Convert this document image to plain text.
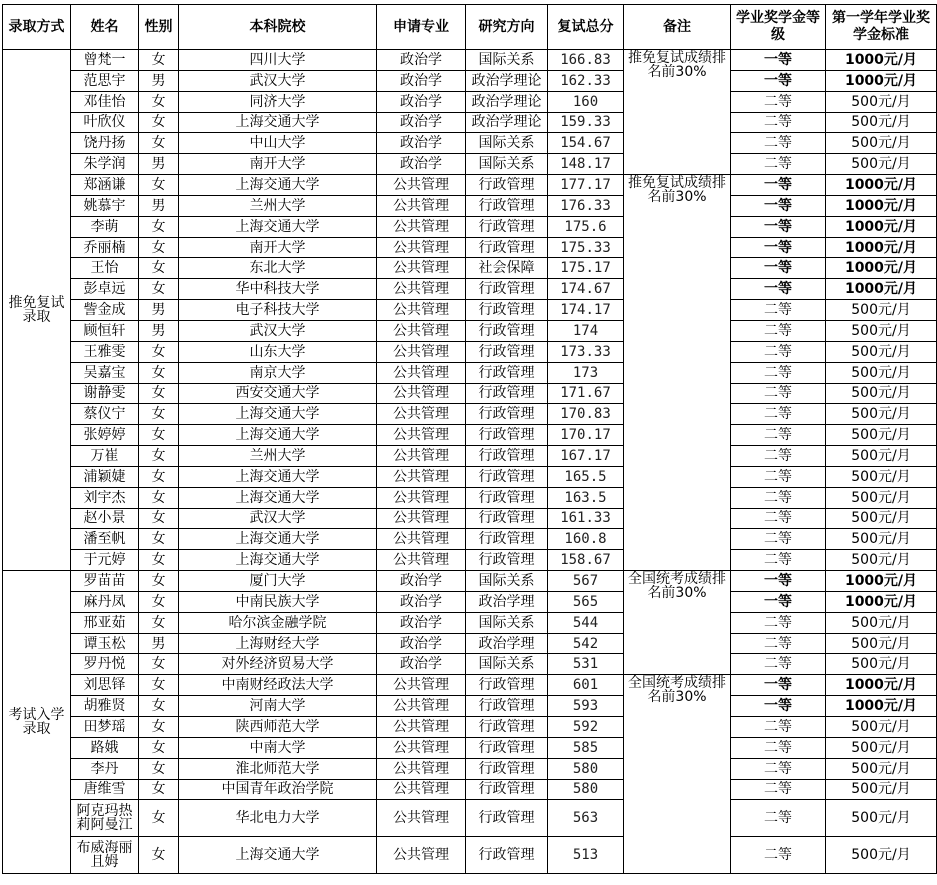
录取方式	姓名	性别	本科院校	申请专业	研究方向	复试总分	备注	学业奖学金等级	第一学年学业奖学金标准
推免复试录取	曾梵一	女	四川大学	政治学	国际关系	166.83	推免复试成绩排名前30%	一等	1000元/月
	范思宇	男	武汉大学	政治学	政治学理论	162.33		一等	1000元/月
	邓佳怡	女	同济大学	政治学	政治学理论	160		二等	500元/月
	叶欣仪	女	上海交通大学	政治学	政治学理论	159.33		二等	500元/月
	饶丹扬	女	中山大学	政治学	国际关系	154.67		二等	500元/月
	朱学润	男	南开大学	政治学	国际关系	148.17		二等	500元/月
	郑涵谦	女	上海交通大学	公共管理	行政管理	177.17	推免复试成绩排名前30%	一等	1000元/月
	姚慕宇	男	兰州大学	公共管理	行政管理	176.33		一等	1000元/月
	李萌	女	上海交通大学	公共管理	行政管理	175.6		一等	1000元/月
	乔丽楠	女	南开大学	公共管理	行政管理	175.33		一等	1000元/月
	王怡	女	东北大学	公共管理	社会保障	175.17		一等	1000元/月
	彭卓远	女	华中科技大学	公共管理	行政管理	174.67		一等	1000元/月
	訾金成	男	电子科技大学	公共管理	行政管理	174.17		二等	500元/月
	顾恒轩	男	武汉大学	公共管理	行政管理	174		二等	500元/月
	王雅雯	女	山东大学	公共管理	行政管理	173.33		二等	500元/月
	吴嘉宝	女	南京大学	公共管理	行政管理	173		二等	500元/月
	谢静雯	女	西安交通大学	公共管理	行政管理	171.67		二等	500元/月
	蔡仪宁	女	上海交通大学	公共管理	行政管理	170.83		二等	500元/月
	张婷婷	女	上海交通大学	公共管理	行政管理	170.17		二等	500元/月
	万崔	女	兰州大学	公共管理	行政管理	167.17		二等	500元/月
	浦颖婕	女	上海交通大学	公共管理	行政管理	165.5		二等	500元/月
	刘宇杰	女	上海交通大学	公共管理	行政管理	163.5		二等	500元/月
	赵小景	女	武汉大学	公共管理	行政管理	161.33		二等	500元/月
	潘至帆	女	上海交通大学	公共管理	行政管理	160.8		二等	500元/月
	于元婷	女	上海交通大学	公共管理	行政管理	158.67		二等	500元/月
考试入学录取	罗苗苗	女	厦门大学	政治学	国际关系	567	全国统考成绩排名前30%	一等	1000元/月
	麻丹凤	女	中南民族大学	政治学	政治学理	565		一等	1000元/月
	邢亚茹	女	哈尔滨金融学院	政治学	国际关系	544		二等	500元/月
	谭玉松	男	上海财经大学	政治学	政治学理	542		二等	500元/月
	罗丹悦	女	对外经济贸易大学	政治学	国际关系	531		二等	500元/月
	刘思铎	女	中南财经政法大学	公共管理	行政管理	601	全国统考成绩排名前30%	一等	1000元/月
	胡雅贤	女	河南大学	公共管理	行政管理	593		一等	1000元/月
	田梦瑶	女	陕西师范大学	公共管理	行政管理	592		二等	500元/月
	路娥	女	中南大学	公共管理	行政管理	585		二等	500元/月
	李丹	女	淮北师范大学	公共管理	行政管理	580		二等	500元/月
	唐维雪	女	中国青年政治学院	公共管理	行政管理	580		二等	500元/月
	阿克玛热莉阿曼江	女	华北电力大学	公共管理	行政管理	563		二等	500元/月
	布威海丽且姆	女	上海交通大学	公共管理	行政管理	513		二等	500元/月
